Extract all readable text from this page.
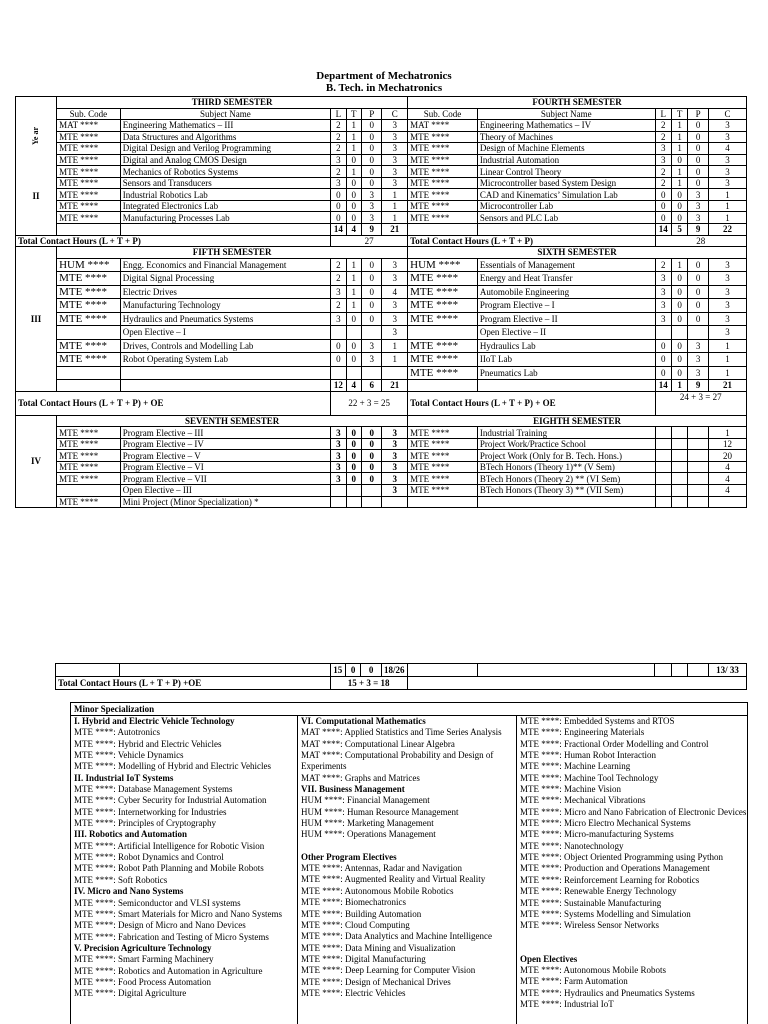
Department of Mechatronics
B. Tech. in Mechatronics
Ye ar
II	THIRD SEMESTER						FOURTH SEMESTER					
	Sub. Code	Subject Name	L	T	P	C	Sub. Code	Subject Name	L	T	P	C
	MAT ****	Engineering Mathematics – III	2	1	0	3	MAT ****	Engineering Mathematics – IV	2	1	0	3
	MTE ****	Data Structures and Algorithms	2	1	0	3	MTE ****	Theory of Machines	2	1	0	3
	MTE ****	Digital Design and Verilog Programming	2	1	0	3	MTE ****	Design of Machine Elements	3	1	0	4
	MTE ****	Digital and Analog CMOS Design	3	0	0	3	MTE ****	Industrial Automation	3	0	0	3
	MTE ****	Mechanics of Robotics Systems	2	1	0	3	MTE ****	Linear Control Theory	2	1	0	3
	MTE ****	Sensors and Transducers	3	0	0	3	MTE ****	Microcontroller based System Design	2	1	0	3
	MTE ****	Industrial Robotics Lab	0	0	3	1	MTE ****	CAD and Kinematics’ Simulation Lab	0	0	3	1
	MTE ****	Integrated Electronics Lab	0	0	3	1	MTE ****	Microcontroller Lab	0	0	3	1
	MTE ****	Manufacturing Processes Lab	0	0	3	1	MTE ****	Sensors and PLC Lab	0	0	3	1
			14	4	9	21			14	5	9	22
Total Contact Hours (L + T + P)			27				Total Contact Hours (L + T + P)		28			
III	FIFTH SEMESTER						SIXTH SEMESTER					
	HUM ****	Engg. Economics and Financial Management	2	1	0	3	HUM ****	Essentials of Management	2	1	0	3
	MTE ****	Digital Signal Processing	2	1	0	3	MTE ****	Energy and Heat Transfer	3	0	0	3
	MTE ****	Electric Drives	3	1	0	4	MTE ****	Automobile Engineering	3	0	0	3
	MTE ****	Manufacturing Technology	2	1	0	3	MTE ****	Program Elective – I	3	0	0	3
	MTE ****	Hydraulics and Pneumatics Systems	3	0	0	3	MTE ****	Program Elective – II	3	0	0	3
		Open Elective – I				3		Open Elective – II				3
	MTE ****	Drives, Controls and Modelling Lab	0	0	3	1	MTE ****	Hydraulics Lab	0	0	3	1
	MTE ****	Robot Operating System Lab	0	0	3	1	MTE ****	IIoT Lab	0	0	3	1
							MTE ****	Pneumatics Lab	0	0	3	1
			12	4	6	21			14	1	9	21
Total Contact Hours (L + T + P) + OE			22 + 3 = 25				Total Contact Hours (L + T + P) + OE		24 + 3 = 27			
IV	SEVENTH SEMESTER						EIGHTH SEMESTER					
	MTE ****	Program Elective – III	3	0	0	3	MTE ****	Industrial Training				1
	MTE ****	Program Elective – IV	3	0	0	3	MTE ****	Project Work/Practice School				12
	MTE ****	Program Elective – V	3	0	0	3	MTE ****	Project Work (Only for B. Tech. Hons.)				20
	MTE ****	Program Elective – VI	3	0	0	3	MTE ****	BTech Honors (Theory 1)** (V Sem)				4
	MTE ****	Program Elective – VII	3	0	0	3	MTE ****	BTech Honors (Theory 2) ** (VI Sem)				4
		Open Elective – III				3	MTE ****	BTech Honors (Theory 3) ** (VII Sem)				4
	MTE ****	Mini Project (Minor Specialization) *										
		15	0	0	18/26						13/ 33
Total Contact Hours (L + T + P) +OE		15 + 3 = 18									
Minor Specialization
I. Hybrid and Electric Vehicle Technology
MTE ****: Autotronics
MTE ****: Hybrid and Electric Vehicles
MTE ****: Vehicle Dynamics
MTE ****: Modelling of Hybrid and Electric Vehicles
II. Industrial IoT Systems
MTE ****: Database Management Systems
MTE ****: Cyber Security for Industrial Automation
MTE ****: Internetworking for Industries
MTE ****: Principles of Cryptography
III. Robotics and Automation
MTE ****: Artificial Intelligence for Robotic Vision
MTE ****: Robot Dynamics and Control
MTE ****: Robot Path Planning and Mobile Robots
MTE ****: Soft Robotics
IV. Micro and Nano Systems
MTE ****: Semiconductor and VLSI systems
MTE ****: Smart Materials for Micro and Nano Systems
MTE ****: Design of Micro and Nano Devices
MTE ****: Fabrication and Testing of Micro Systems
V. Precision Agriculture Technology
MTE ****: Smart Farming Machinery
MTE ****: Robotics and Automation in Agriculture
MTE ****: Food Process Automation
MTE ****: Digital Agriculture
VI. Computational Mathematics
MAT ****: Applied Statistics and Time Series Analysis
MAT ****: Computational Linear Algebra
MAT ****: Computational Probability and Design of Experiments
MAT ****: Graphs and Matrices
VII. Business Management
HUM ****: Financial Management
HUM ****: Human Resource Management
HUM ****: Marketing Management
HUM ****: Operations Management
Other Program Electives
MTE ****: Antennas, Radar and Navigation
MTE ****: Augmented Reality and Virtual Reality
MTE ****: Autonomous Mobile Robotics
MTE ****: Biomechatronics
MTE ****: Building Automation
MTE ****: Cloud Computing
MTE ****: Data Analytics and Machine Intelligence
MTE ****: Data Mining and Visualization
MTE ****: Digital Manufacturing
MTE ****: Deep Learning for Computer Vision
MTE ****: Design of Mechanical Drives
MTE ****: Electric Vehicles
MTE ****: Embedded Systems and RTOS
MTE ****: Engineering Materials
MTE ****: Fractional Order Modelling and Control
MTE ****: Human Robot Interaction
MTE ****: Machine Learning
MTE ****: Machine Tool Technology
MTE ****: Machine Vision
MTE ****: Mechanical Vibrations
MTE ****: Micro and Nano Fabrication of Electronic Devices
MTE ****: Micro Electro Mechanical Systems
MTE ****: Micro-manufacturing Systems
MTE ****: Nanotechnology
MTE ****: Object Oriented Programming using Python
MTE ****: Production and Operations Management
MTE ****: Reinforcement Learning for Robotics
MTE ****: Renewable Energy Technology
MTE ****: Sustainable Manufacturing
MTE ****: Systems Modelling and Simulation
MTE ****: Wireless Sensor Networks
Open Electives
MTE ****: Autonomous Mobile Robots
MTE ****: Farm Automation
MTE ****: Hydraulics and Pneumatics Systems
MTE ****: Industrial IoT
